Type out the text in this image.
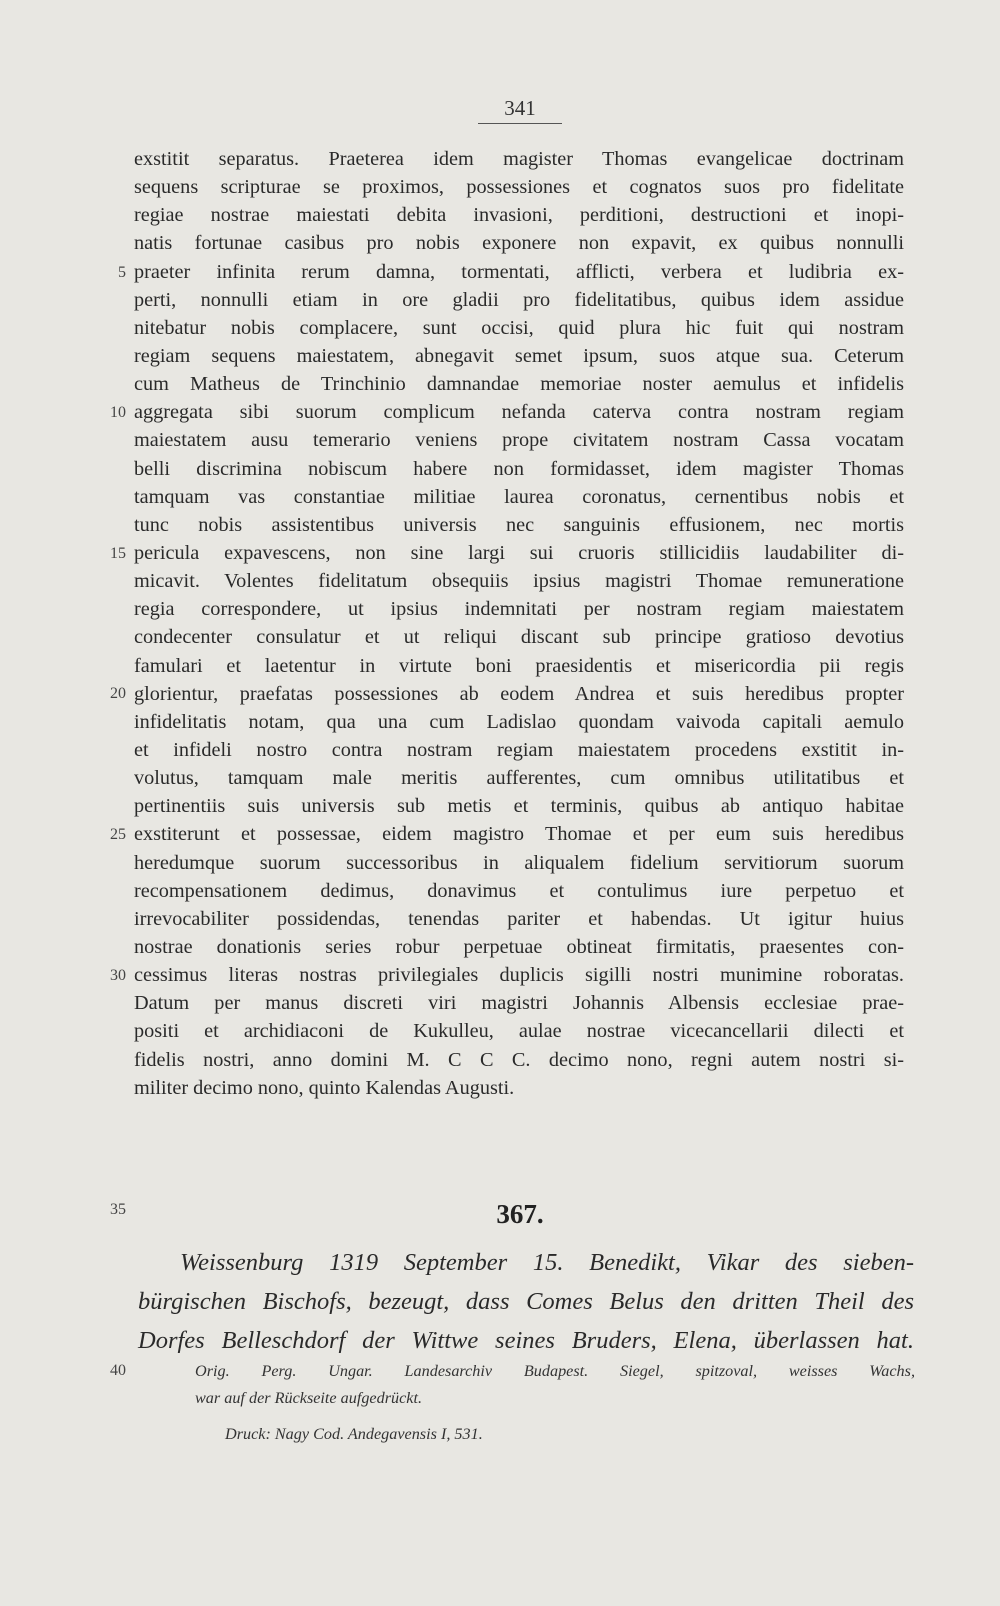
341
5
10
15
20
25
30
35
40
exstitit separatus. Praeterea idem magister Thomas evangelicae doctrinam
sequens scripturae se proximos, possessiones et cognatos suos pro fidelitate
regiae nostrae maiestati debita invasioni, perditioni, destructioni et inopi-
natis fortunae casibus pro nobis exponere non expavit, ex quibus nonnulli
praeter infinita rerum damna, tormentati, afflicti, verbera et ludibria ex-
perti, nonnulli etiam in ore gladii pro fidelitatibus, quibus idem assidue
nitebatur nobis complacere, sunt occisi, quid plura hic fuit qui nostram
regiam sequens maiestatem, abnegavit semet ipsum, suos atque sua. Ceterum
cum Matheus de Trinchinio damnandae memoriae noster aemulus et infidelis
aggregata sibi suorum complicum nefanda caterva contra nostram regiam
maiestatem ausu temerario veniens prope civitatem nostram Cassa vocatam
belli discrimina nobiscum habere non formidasset, idem magister Thomas
tamquam vas constantiae militiae laurea coronatus, cernentibus nobis et
tunc nobis assistentibus universis nec sanguinis effusionem, nec mortis
pericula expavescens, non sine largi sui cruoris stillicidiis laudabiliter di-
micavit. Volentes fidelitatum obsequiis ipsius magistri Thomae remuneratione
regia correspondere, ut ipsius indemnitati per nostram regiam maiestatem
condecenter consulatur et ut reliqui discant sub principe gratioso devotius
famulari et laetentur in virtute boni praesidentis et misericordia pii regis
glorientur, praefatas possessiones ab eodem Andrea et suis heredibus propter
infidelitatis notam, qua una cum Ladislao quondam vaivoda capitali aemulo
et infideli nostro contra nostram regiam maiestatem procedens exstitit in-
volutus, tamquam male meritis aufferentes, cum omnibus utilitatibus et
pertinentiis suis universis sub metis et terminis, quibus ab antiquo habitae
exstiterunt et possessae, eidem magistro Thomae et per eum suis heredibus
heredumque suorum successoribus in aliqualem fidelium servitiorum suorum
recompensationem dedimus, donavimus et contulimus iure perpetuo et
irrevocabiliter possidendas, tenendas pariter et habendas. Ut igitur huius
nostrae donationis series robur perpetuae obtineat firmitatis, praesentes con-
cessimus literas nostras privilegiales duplicis sigilli nostri munimine roboratas.
Datum per manus discreti viri magistri Johannis Albensis ecclesiae prae-
positi et archidiaconi de Kukulleu, aulae nostrae vicecancellarii dilecti et
fidelis nostri, anno domini M. C C C. decimo nono, regni autem nostri si-
militer decimo nono, quinto Kalendas Augusti.
367.
Weissenburg 1319 September 15. Benedikt, Vikar des sieben-
bürgischen Bischofs, bezeugt, dass Comes Belus den dritten Theil des
Dorfes Belleschdorf der Wittwe seines Bruders, Elena, überlassen hat.
Orig. Perg. Ungar. Landesarchiv Budapest. Siegel, spitzoval, weisses Wachs,
war auf der Rückseite aufgedrückt.
Druck: Nagy Cod. Andegavensis I, 531.
